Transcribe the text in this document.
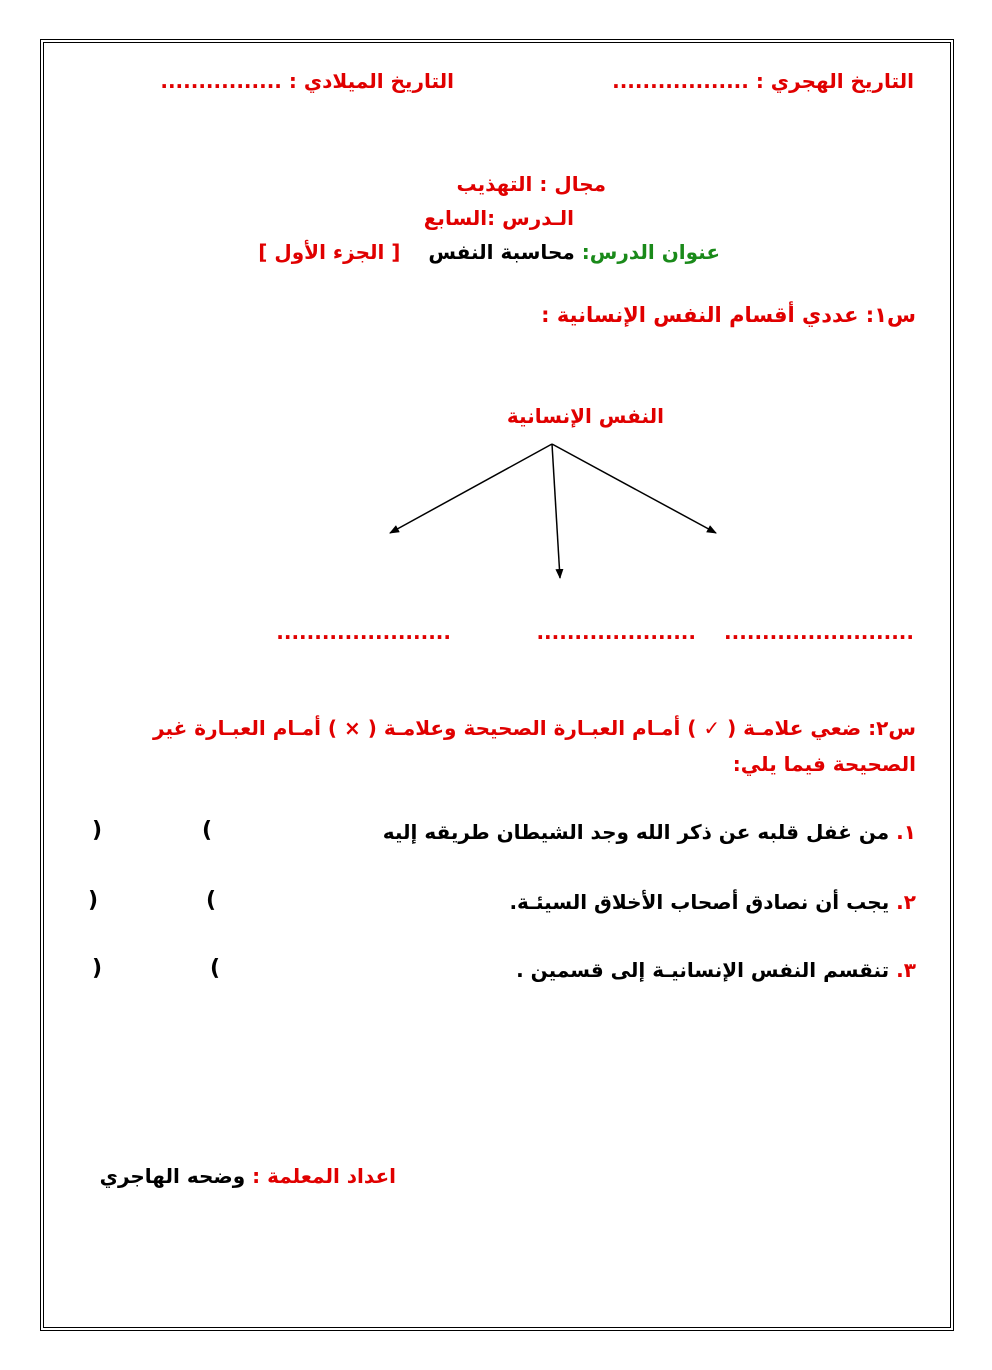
التاريخ الهجري : ..................
التاريخ الميلادي : ................
مجال : التهذيب
الـدرس :السابع
عنوان الدرس: محاسبة النفس    [ الجزء الأول ]
س١: عددي أقسام النفس الإنسانية :
النفس الإنسانية
.........................
.....................
.......................
س٢: ضعي علامـة ( ✓ ) أمـام العبـارة الصحيحة وعلامـة ( × ) أمـام العبـارة غير
الصحيحة فيما يلي:
١. من غفل قلبه عن ذكر الله وجد الشيطان طريقه إليه
(
)
٢. يجب أن نصادق أصحاب الأخلاق السيئـة.
(
)
٣. تنقسم النفس الإنسانيـة إلى قسمين .
(
)
اعداد المعلمة : وضحه الهاجري
